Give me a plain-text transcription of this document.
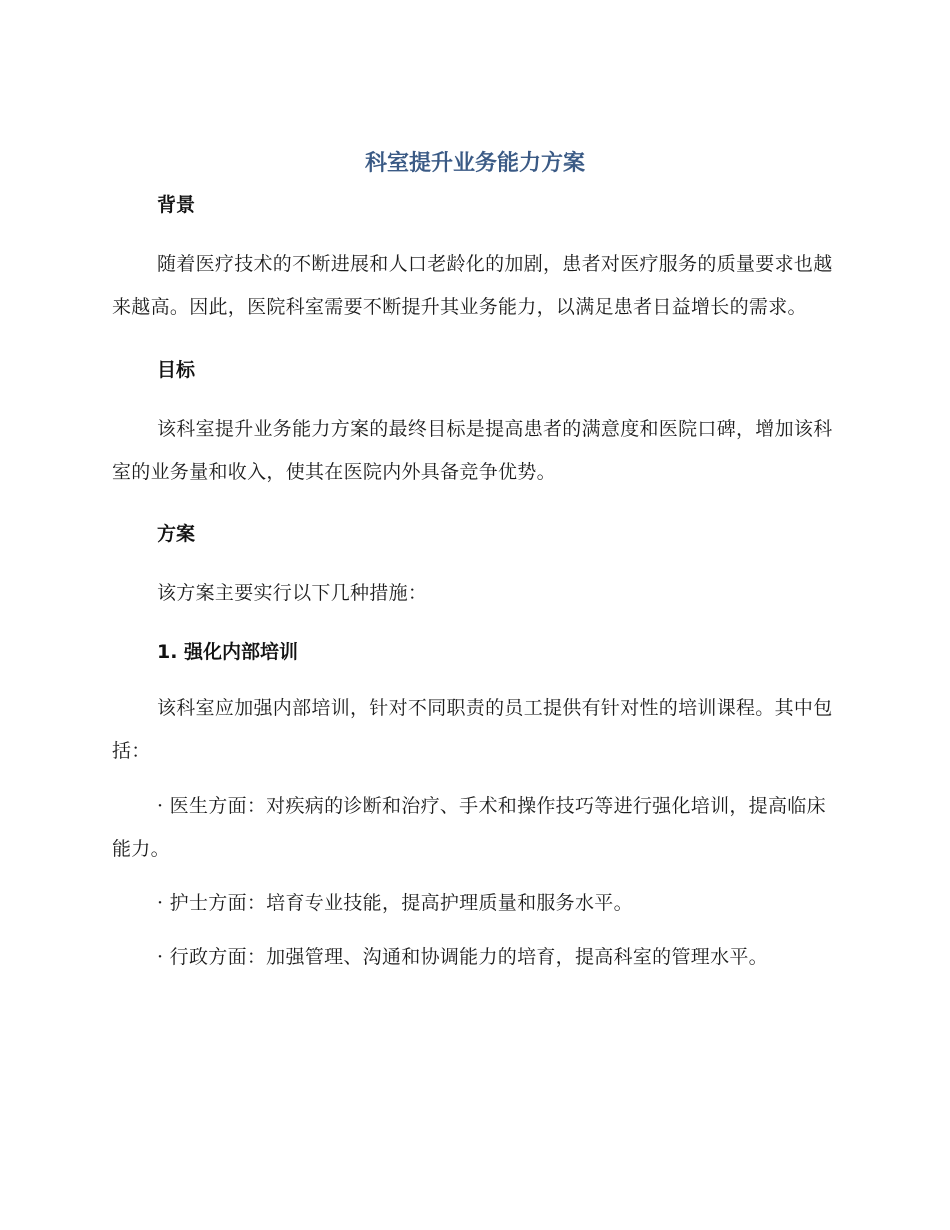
科室提升业务能力方案
背景

随着医疗技术的不断进展和人口老龄化的加剧，患者对医疗服务的质量要求也越来越高。因此，医院科室需要不断提升其业务能力，以满足患者日益增长的需求。

目标

该科室提升业务能力方案的最终目标是提高患者的满意度和医院口碑，增加该科室的业务量和收入，使其在医院内外具备竞争优势。

方案

该方案主要实行以下几种措施：

1. 强化内部培训

该科室应加强内部培训，针对不同职责的员工提供有针对性的培训课程。其中包括：

· 医生方面：对疾病的诊断和治疗、手术和操作技巧等进行强化培训，提高临床能力。

· 护士方面：培育专业技能，提高护理质量和服务水平。

· 行政方面：加强管理、沟通和协调能力的培育，提高科室的管理水平。
